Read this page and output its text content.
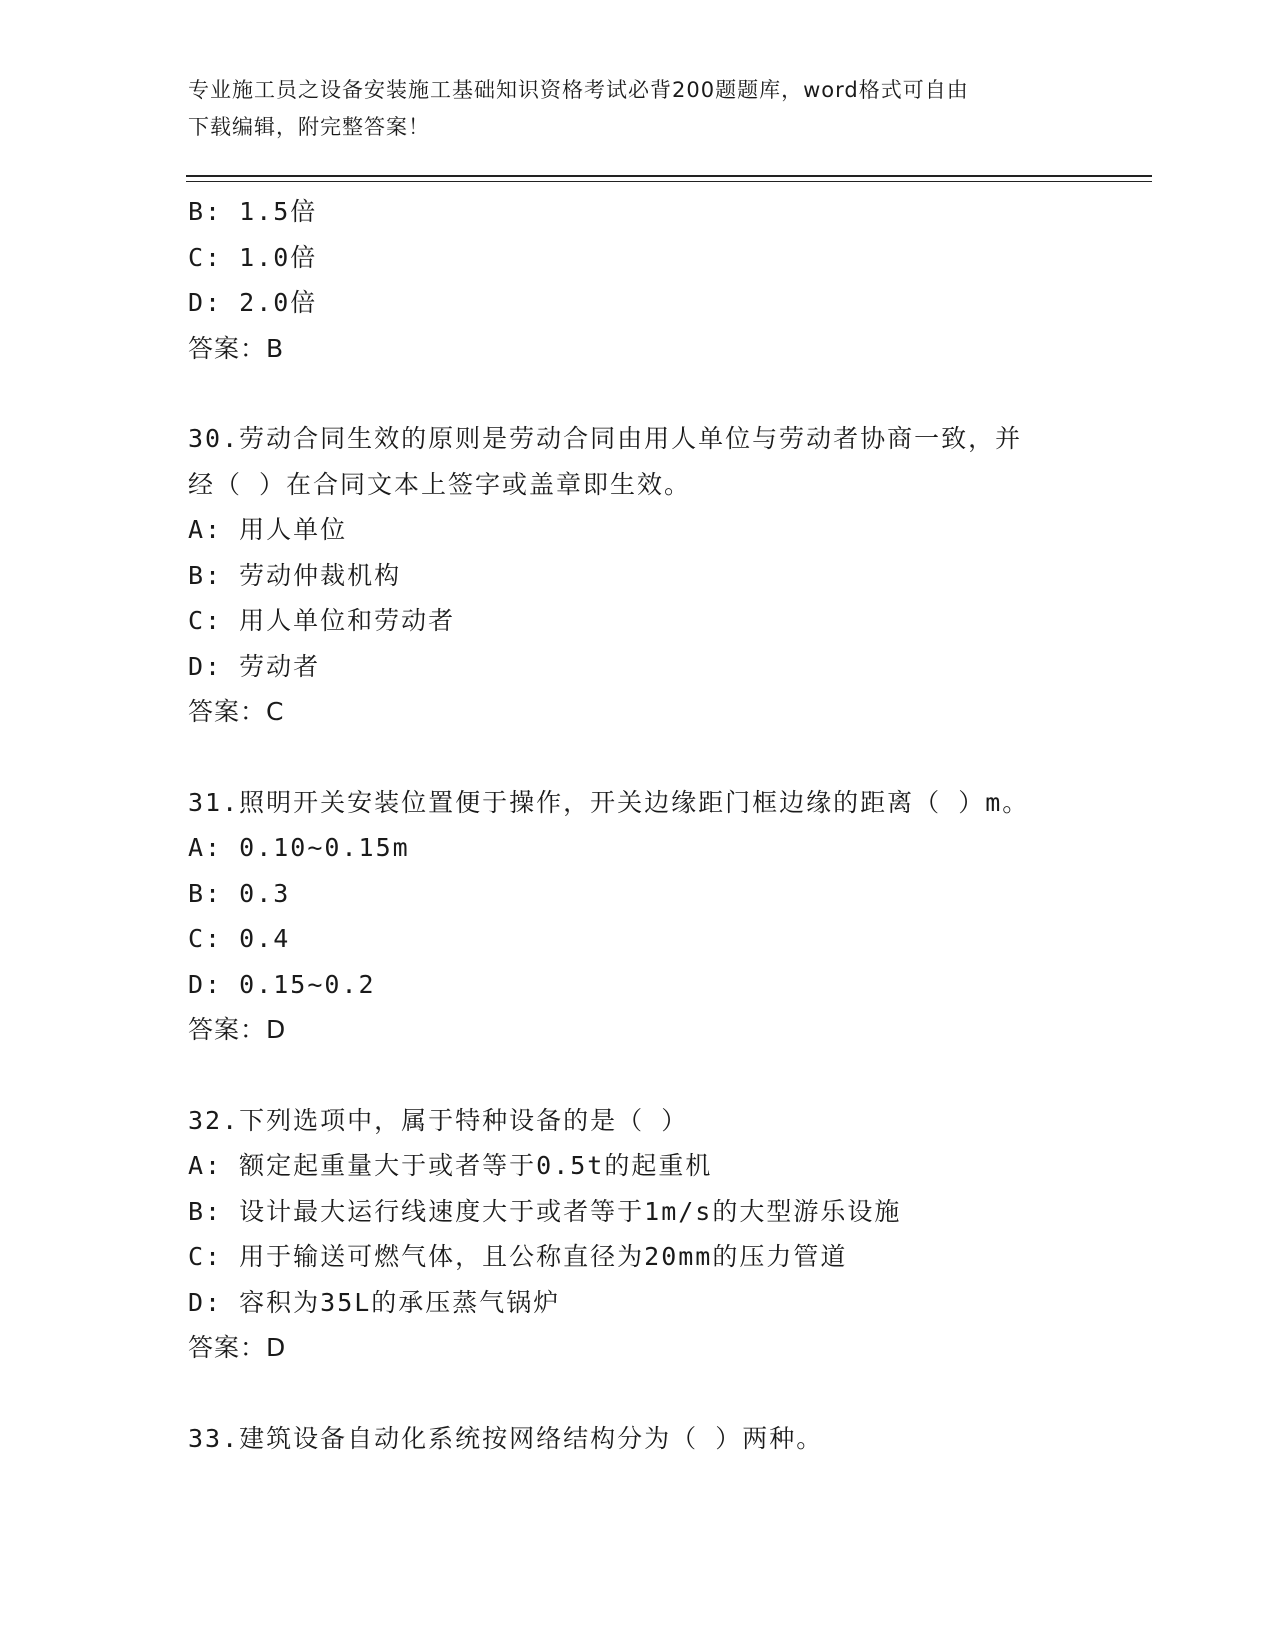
专业施工员之设备安装施工基础知识资格考试必背200题题库，word格式可自由
下载编辑，附完整答案！
B: 1.5倍
C: 1.0倍
D: 2.0倍
答案：B
30.劳动合同生效的原则是劳动合同由用人单位与劳动者协商一致，并
经（ ）在合同文本上签字或盖章即生效。
A: 用人单位
B: 劳动仲裁机构
C: 用人单位和劳动者
D: 劳动者
答案：C
31.照明开关安装位置便于操作，开关边缘距门框边缘的距离（ ）m。
A: 0.10~0.15m
B: 0.3
C: 0.4
D: 0.15~0.2
答案：D
32.下列选项中，属于特种设备的是（ ）
A: 额定起重量大于或者等于0.5t的起重机
B: 设计最大运行线速度大于或者等于1m/s的大型游乐设施
C: 用于输送可燃气体，且公称直径为20mm的压力管道
D: 容积为35L的承压蒸气锅炉
答案：D
33.建筑设备自动化系统按网络结构分为（ ）两种。
